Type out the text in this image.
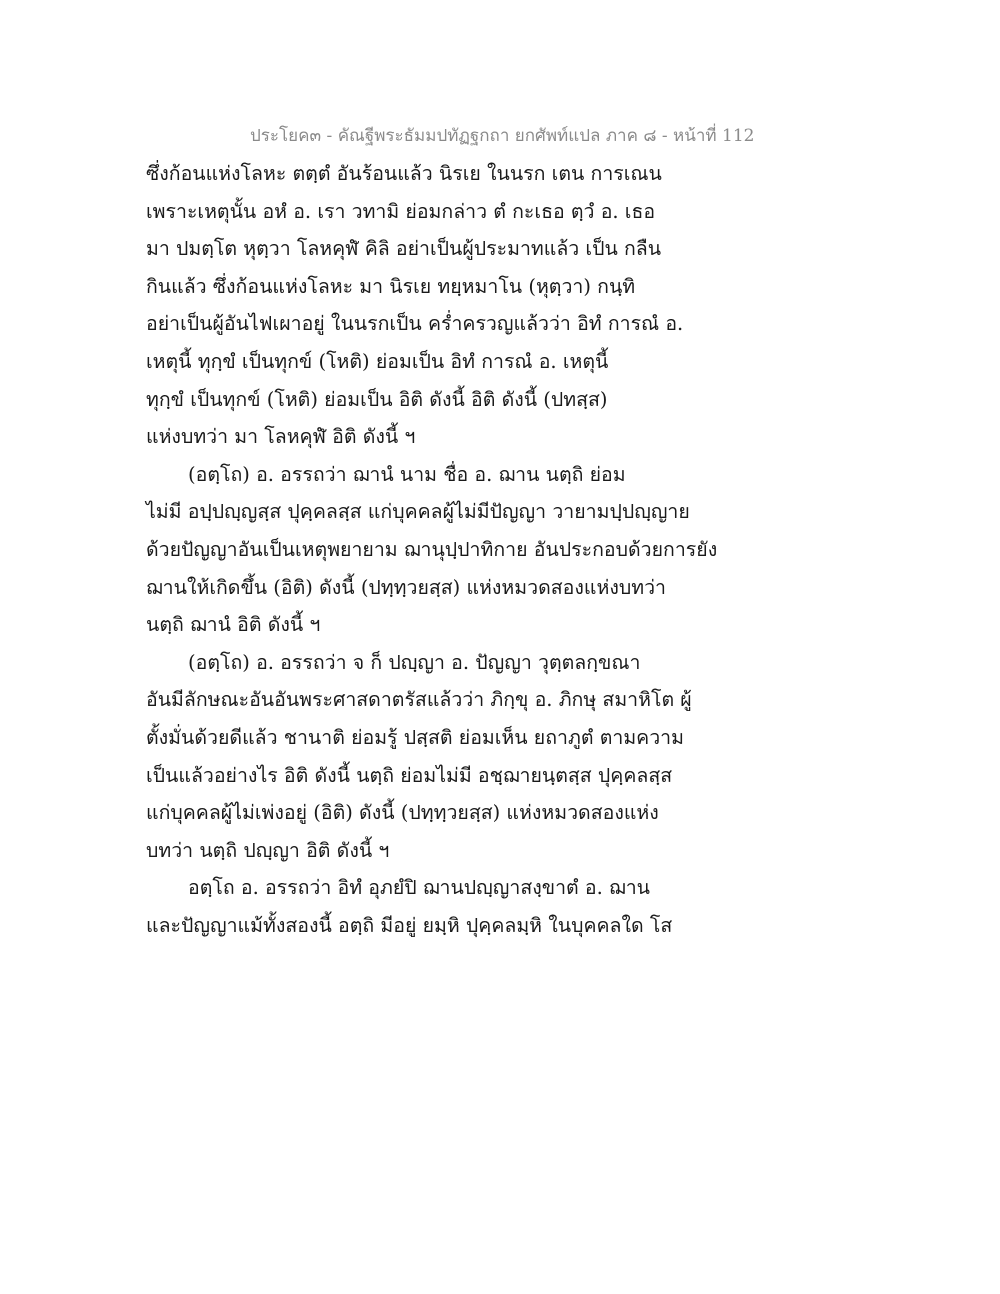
ประโยค๓ - คัณฐีพระธัมมปทัฏฐกถา ยกศัพท์แปล ภาค ๘ - หน้าที่ 112
ซึ่งก้อนแห่งโลหะ ตตฺตํ อันร้อนแล้ว นิรเย ในนรก เตน การเณน
เพราะเหตุนั้น อหํ อ. เรา วทามิ ย่อมกล่าว ตํ กะเธอ ตฺวํ อ. เธอ
มา ปมตฺโต หุตฺวา โลหคุฬํ คิลิ อย่าเป็นผู้ประมาทแล้ว เป็น กลืน
กินแล้ว ซึ่งก้อนแห่งโลหะ มา นิรเย ทยฺหมาโน (หุตฺวา) กนฺทิ
อย่าเป็นผู้อันไฟเผาอยู่ ในนรกเป็น คร่ำครวญแล้วว่า อิทํ การณํ อ.
เหตุนี้ ทุกฺขํ เป็นทุกข์ (โหติ) ย่อมเป็น อิทํ การณํ อ. เหตุนี้
ทุกฺขํ เป็นทุกข์ (โหติ) ย่อมเป็น อิติ ดังนี้ อิติ ดังนี้ (ปทสฺส)
แห่งบทว่า มา โลหคุฬํ อิติ ดังนี้ ฯ
(อตฺโถ) อ. อรรถว่า ฌานํ นาม ชื่อ อ. ฌาน นตฺถิ ย่อม
ไม่มี อปฺปญฺญสฺส ปุคฺคลสฺส แก่บุคคลผู้ไม่มีปัญญา วายามปฺปญฺญาย
ด้วยปัญญาอันเป็นเหตุพยายาม ฌานุปฺปาทิกาย อันประกอบด้วยการยัง
ฌานให้เกิดขึ้น (อิติ) ดังนี้ (ปทฺทฺวยสฺส) แห่งหมวดสองแห่งบทว่า
นตฺถิ ฌานํ อิติ ดังนี้ ฯ
(อตฺโถ) อ. อรรถว่า จ ก็ ปญฺญา อ. ปัญญา วุตฺตลกฺขณา
อันมีลักษณะอันอันพระศาสดาตรัสแล้วว่า ภิกฺขุ อ. ภิกษุ สมาหิโต ผู้
ตั้งมั่นด้วยดีแล้ว ชานาติ ย่อมรู้ ปสฺสติ ย่อมเห็น ยถาภูตํ ตามความ
เป็นแล้วอย่างไร อิติ ดังนี้ นตฺถิ ย่อมไม่มี อชฺฌายนฺตสฺส ปุคฺคลสฺส
แก่บุคคลผู้ไม่เพ่งอยู่ (อิติ) ดังนี้ (ปทฺทฺวยสฺส) แห่งหมวดสองแห่ง
บทว่า นตฺถิ ปญฺญา อิติ ดังนี้ ฯ
อตฺโถ อ. อรรถว่า อิทํ อุภยํปิ ฌานปญฺญาสงฺขาตํ อ. ฌาน
และปัญญาแม้ทั้งสองนี้ อตฺถิ มีอยู่ ยมฺหิ ปุคฺคลมฺหิ ในบุคคลใด โส
